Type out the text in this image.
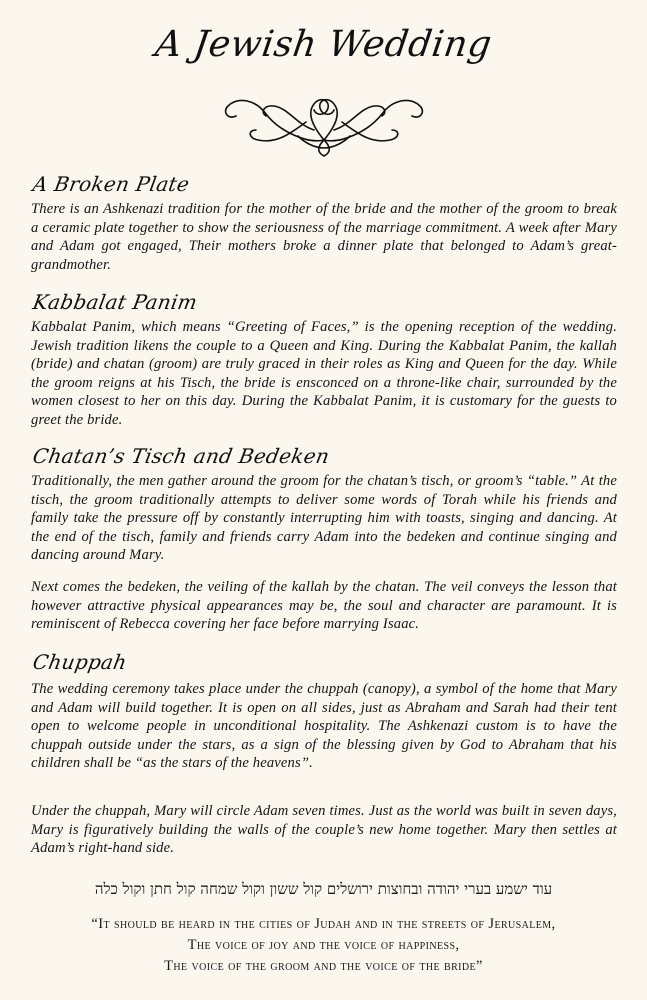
A Jewish Wedding
A Broken Plate

There is an Ashkenazi tradition for the mother of the bride and the mother of the groom to break a ceramic plate together to show the seriousness of the marriage commitment. A week after Mary and Adam got engaged, Their mothers broke a dinner plate that belonged to Adam’s great-grandmother.

Kabbalat Panim

Kabbalat Panim, which means “Greeting of Faces,” is the opening reception of the wedding. Jewish tradition likens the couple to a Queen and King. During the Kabbalat Panim, the kallah (bride) and chatan (groom) are truly graced in their roles as King and Queen for the day. While the groom reigns at his Tisch, the bride is ensconced on a throne-like chair, surrounded by the women closest to her on this day. During the Kabbalat Panim, it is customary for the guests to greet the bride.

Chatan’s Tisch and Bedeken

Traditionally, the men gather around the groom for the chatan’s tisch, or groom’s “table.” At the tisch, the groom traditionally attempts to deliver some words of Torah while his friends and family take the pressure off by constantly interrupting him with toasts, singing and dancing. At the end of the tisch, family and friends carry Adam into the bedeken and continue singing and dancing around Mary.

Next comes the bedeken, the veiling of the kallah by the chatan. The veil conveys the lesson that however attractive physical appearances may be, the soul and character are paramount. It is reminiscent of Rebecca covering her face before marrying Isaac.

Chuppah

The wedding ceremony takes place under the chuppah (canopy), a symbol of the home that Mary and Adam will build together. It is open on all sides, just as Abraham and Sarah had their tent open to welcome people in unconditional hospitality. The Ashkenazi custom is to have the chuppah outside under the stars, as a sign of the blessing given by God to Abraham that his children shall be “as the stars of the heavens”.

Under the chuppah, Mary will circle Adam seven times. Just as the world was built in seven days, Mary is figuratively building the walls of the couple’s new home together. Mary then settles at Adam’s right-hand side.

עוד ישמע בערי יהודה ובחוצות ירושלים קול ששון וקול שמחה קול חתן וקול כלה

“It should be heard in the cities of Judah and in the streets of Jerusalem,
The voice of joy and the voice of happiness,
The voice of the groom and the voice of the bride”
